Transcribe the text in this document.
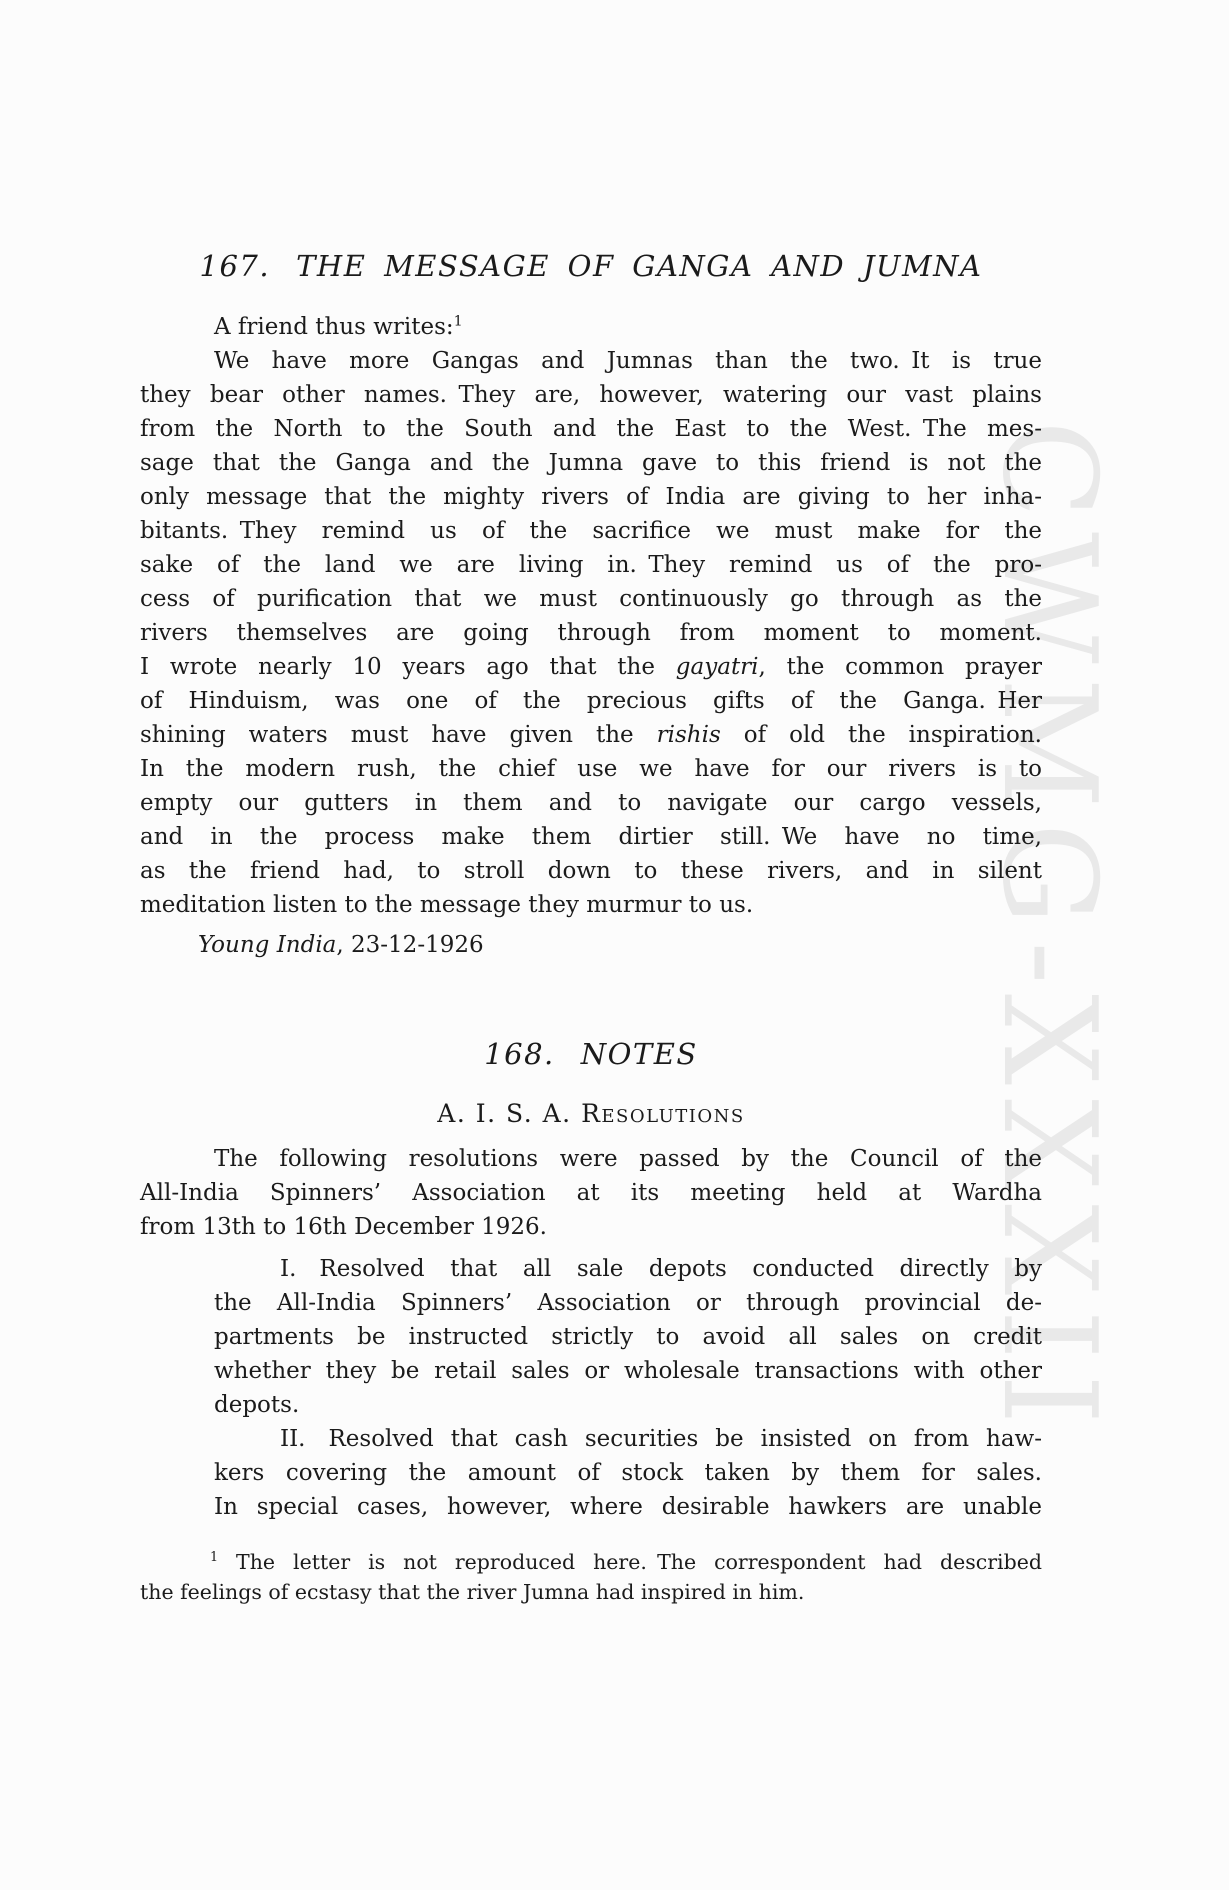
CWMG-XXXII
167. THE MESSAGE OF GANGA AND JUMNA
A friend thus writes:$^1$
We have more Gangas and Jumnas than the two. It is true
they bear other names. They are, however, watering our vast plains
from the North to the South and the East to the West. The mes-
sage that the Ganga and the Jumna gave to this friend is not the
only message that the mighty rivers of India are giving to her inha-
bitants. They remind us of the sacrifice we must make for the
sake of the land we are living in. They remind us of the pro-
cess of purification that we must continuously go through as the
rivers themselves are going through from moment to moment.
I wrote nearly 10 years ago that the gayatri, the common prayer
of Hinduism, was one of the precious gifts of the Ganga. Her
shining waters must have given the rishis of old the inspiration.
In the modern rush, the chief use we have for our rivers is to
empty our gutters in them and to navigate our cargo vessels,
and in the process make them dirtier still. We have no time,
as the friend had, to stroll down to these rivers, and in silent
meditation listen to the message they murmur to us.
Young India, 23-12-1926
168. NOTES
A. I. S. A. Resolutions
The following resolutions were passed by the Council of the
All-India Spinners’ Association at its meeting held at Wardha
from 13th to 16th December 1926.
I. Resolved that all sale depots conducted directly by
the All-India Spinners’ Association or through provincial de-
partments be instructed strictly to avoid all sales on credit
whether they be retail sales or wholesale transactions with other
depots.
II. Resolved that cash securities be insisted on from haw-
kers covering the amount of stock taken by them for sales.
In special cases, however, where desirable hawkers are unable
$^1$ The letter is not reproduced here. The correspondent had described
the feelings of ecstasy that the river Jumna had inspired in him.
